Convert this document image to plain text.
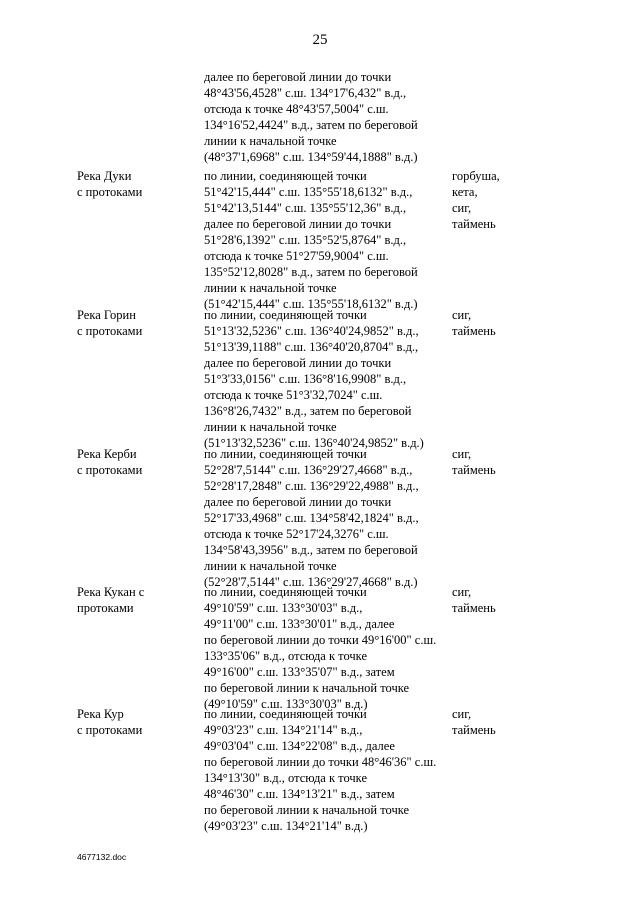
25
далее по береговой линии до точки
48°43'56,4528" с.ш. 134°17'6,432" в.д.,
отсюда к точке 48°43'57,5004" с.ш.
134°16'52,4424" в.д., затем по береговой
линии к начальной точке
(48°37'1,6968" с.ш. 134°59'44,1888" в.д.)
Река Дуки
с протоками
по линии, соединяющей точки
51°42'15,444" с.ш. 135°55'18,6132" в.д.,
51°42'13,5144" с.ш. 135°55'12,36" в.д.,
далее по береговой линии до точки
51°28'6,1392" с.ш. 135°52'5,8764" в.д.,
отсюда к точке 51°27'59,9004" с.ш.
135°52'12,8028" в.д., затем по береговой
линии к начальной точке
(51°42'15,444" с.ш. 135°55'18,6132" в.д.)
горбуша,
кета,
сиг,
таймень
Река Горин
с протоками
по линии, соединяющей точки
51°13'32,5236" с.ш. 136°40'24,9852" в.д.,
51°13'39,1188" с.ш. 136°40'20,8704" в.д.,
далее по береговой линии до точки
51°3'33,0156" с.ш. 136°8'16,9908" в.д.,
отсюда к точке 51°3'32,7024" с.ш.
136°8'26,7432" в.д., затем по береговой
линии к начальной точке
(51°13'32,5236" с.ш. 136°40'24,9852" в.д.)
сиг,
таймень
Река Керби
с протоками
по линии, соединяющей точки
52°28'7,5144" с.ш. 136°29'27,4668" в.д.,
52°28'17,2848" с.ш. 136°29'22,4988" в.д.,
далее по береговой линии до точки
52°17'33,4968" с.ш. 134°58'42,1824" в.д.,
отсюда к точке 52°17'24,3276" с.ш.
134°58'43,3956" в.д., затем по береговой
линии к начальной точке
(52°28'7,5144" с.ш. 136°29'27,4668" в.д.)
сиг,
таймень
Река Кукан с
протоками
по линии, соединяющей точки
49°10'59" с.ш. 133°30'03" в.д.,
49°11'00" с.ш. 133°30'01" в.д., далее
по береговой линии до точки 49°16'00" с.ш.
133°35'06" в.д., отсюда к точке
49°16'00" с.ш. 133°35'07" в.д., затем
по береговой линии к начальной точке
(49°10'59" с.ш. 133°30'03" в.д.)
сиг,
таймень
Река Кур
с протоками
по линии, соединяющей точки
49°03'23" с.ш. 134°21'14" в.д.,
49°03'04" с.ш. 134°22'08" в.д., далее
по береговой линии до точки 48°46'36" с.ш.
134°13'30" в.д., отсюда к точке
48°46'30" с.ш. 134°13'21" в.д., затем
по береговой линии к начальной точке
(49°03'23" с.ш. 134°21'14" в.д.)
сиг,
таймень
4677132.doc
